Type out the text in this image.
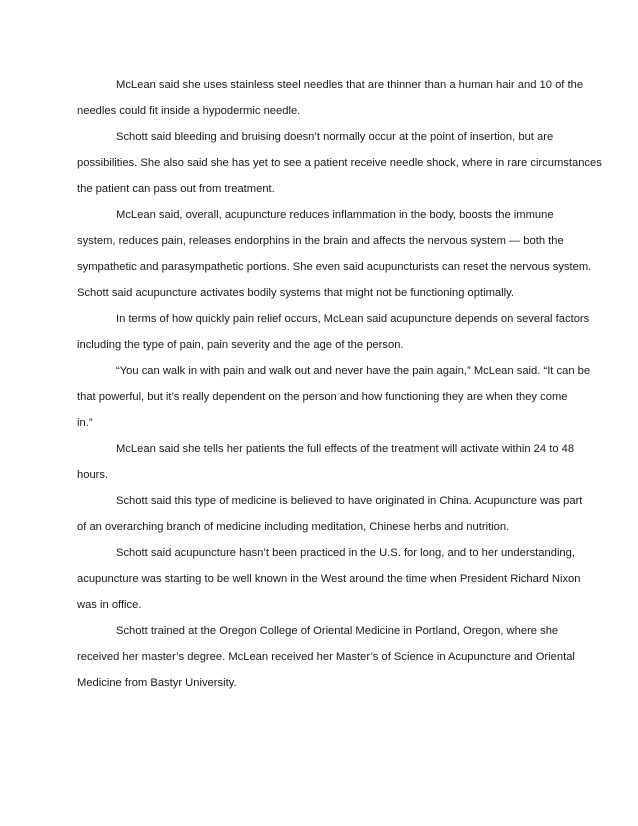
McLean said she uses stainless steel needles that are thinner than a human hair and 10 of the
needles could fit inside a hypodermic needle.
Schott said bleeding and bruising doesn’t normally occur at the point of insertion, but are
possibilities. She also said she has yet to see a patient receive needle shock, where in rare circumstances
the patient can pass out from treatment.
McLean said, overall, acupuncture reduces inflammation in the body, boosts the immune
system, reduces pain, releases endorphins in the brain and affects the nervous system — both the
sympathetic and parasympathetic portions. She even said acupuncturists can reset the nervous system.
Schott said acupuncture activates bodily systems that might not be functioning optimally.
In terms of how quickly pain relief occurs, McLean said acupuncture depends on several factors
including the type of pain, pain severity and the age of the person.
“You can walk in with pain and walk out and never have the pain again,” McLean said. “It can be
that powerful, but it’s really dependent on the person and how functioning they are when they come
in.”
McLean said she tells her patients the full effects of the treatment will activate within 24 to 48
hours.
Schott said this type of medicine is believed to have originated in China. Acupuncture was part
of an overarching branch of medicine including meditation, Chinese herbs and nutrition.
Schott said acupuncture hasn’t been practiced in the U.S. for long, and to her understanding,
acupuncture was starting to be well known in the West around the time when President Richard Nixon
was in office.
Schott trained at the Oregon College of Oriental Medicine in Portland, Oregon, where she
received her master’s degree. McLean received her Master’s of Science in Acupuncture and Oriental
Medicine from Bastyr University.
